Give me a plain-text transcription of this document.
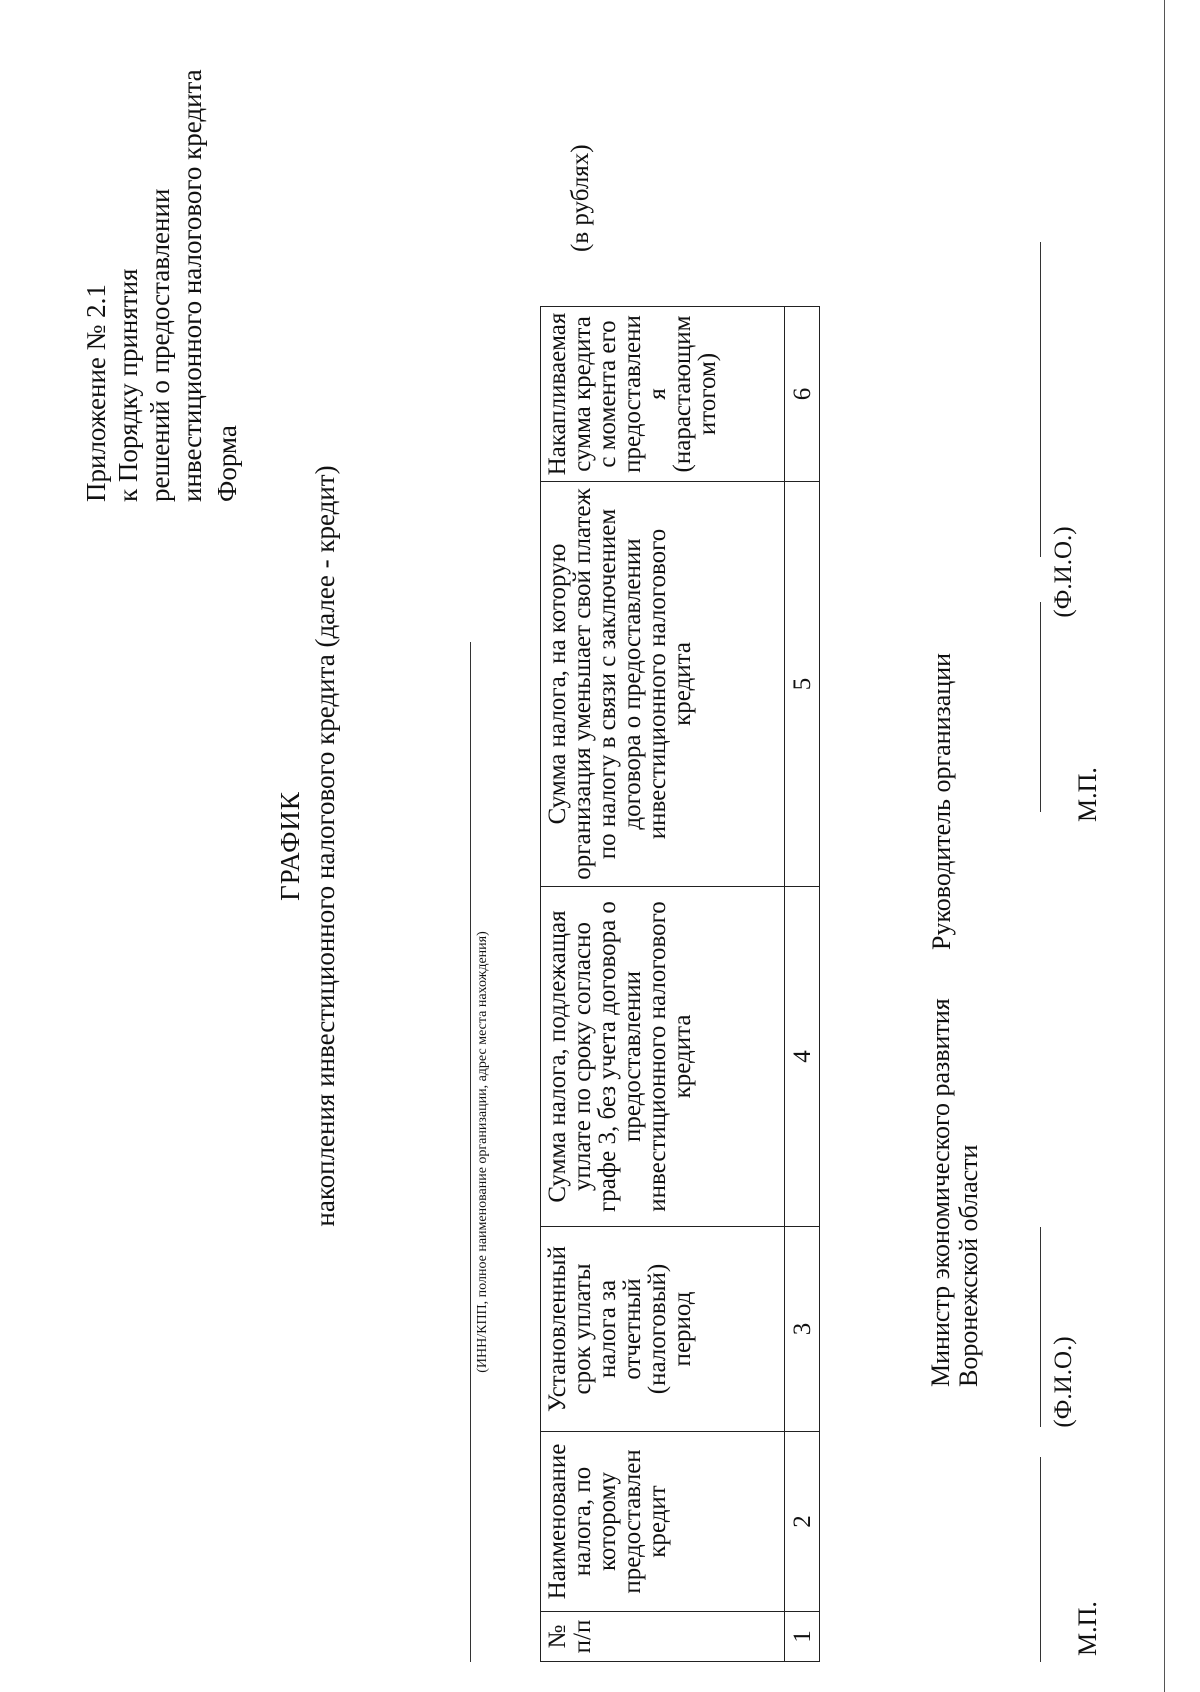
Приложение № 2.1 к Порядку принятия решений о предоставлении инвестиционного налогового кредита Форма
ГРАФИК накопления инвестиционного налогового кредита (далее - кредит)	(ИНН/КПП, полное наименование организации, адрес места нахождения)
(в рублях)
№ п/п	Наименование налога, по которому предоставлен кредит	Установленный срок уплаты налога за отчетный (налоговый) период	Сумма налога, подлежащая уплате по сроку согласно графе 3, без учета договора о предоставлении инвестиционного налогового кредита	Сумма налога, на которую организация уменьшает свой платеж по налогу в связи с заключением договора о предоставлении инвестиционного налогового кредита	Накапливаемая сумма кредита с момента его предоставления (нарастающим итогом)
1	2	3	4	5	6
Министр экономического развития Воронежской области
Руководитель организации
(Ф.И.О.)
М.П.
(Ф.И.О.)
М.П.
